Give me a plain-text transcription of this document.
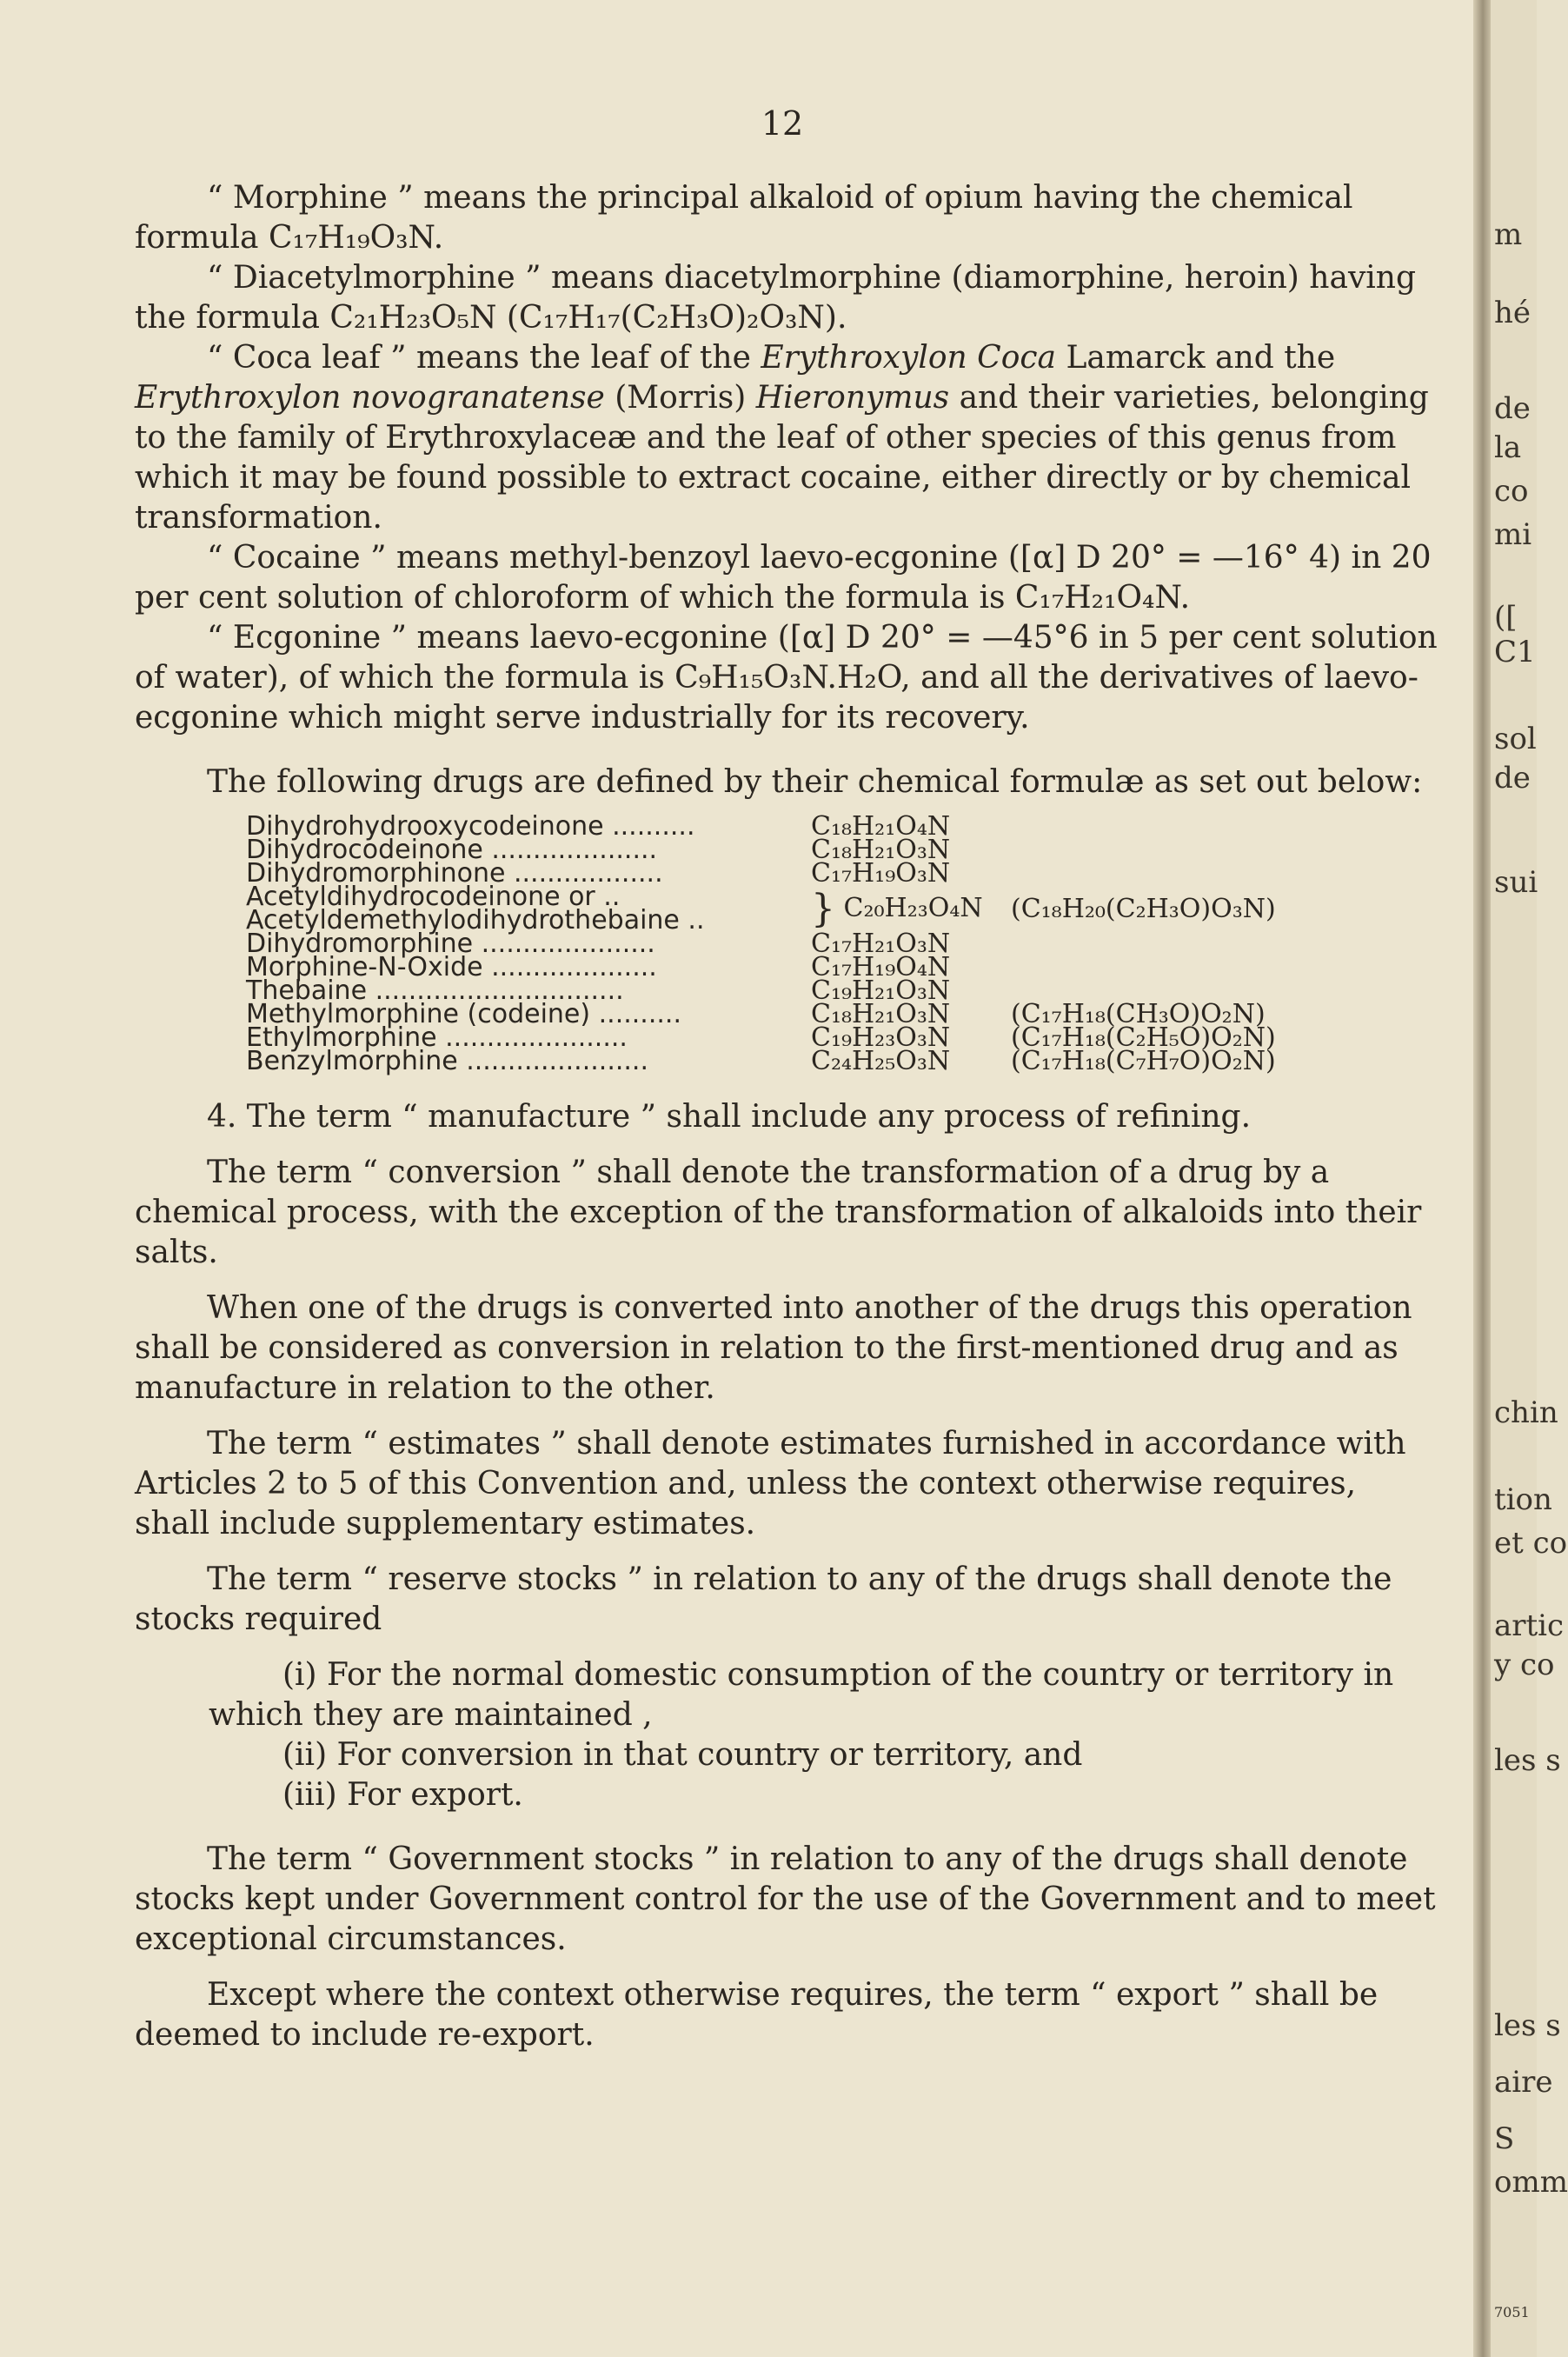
12

“ Morphine ” means the principal alkaloid of opium having the chemical formula C₁₇H₁₉O₃N.

“ Diacetylmorphine ” means diacetylmorphine (diamorphine, heroin) having the formula C₂₁H₂₃O₅N (C₁₇H₁₇(C₂H₃O)₂O₃N).

“ Coca leaf ” means the leaf of the Erythroxylon Coca Lamarck and the Erythroxylon novogranatense (Morris) Hieronymus and their varieties, belonging to the family of Erythroxylaceæ and the leaf of other species of this genus from which it may be found possible to extract cocaine, either directly or by chemical transformation.

“ Cocaine ” means methyl-benzoyl laevo-ecgonine ([α] D 20° = —16° 4) in 20 per cent solution of chloroform of which the formula is C₁₇H₂₁O₄N.

“ Ecgonine ” means laevo-ecgonine ([α] D 20° = —45°6 in 5 per cent solution of water), of which the formula is C₉H₁₅O₃N.H₂O, and all the derivatives of laevo-ecgonine which might serve industrially for its recovery.

The following drugs are defined by their chemical formulæ as set out below:

Dihydrohydrooxycodeinone ..........	C₁₈H₂₁O₄N	
Dihydrocodeinone ....................	C₁₈H₂₁O₃N	
Dihydromorphinone ..................	C₁₇H₁₉O₃N	

Acetyldihydrocodeinone or ..
Acetyldemethylodihydrothebaine ..	} C₂₀H₂₃O₄N	(C₁₈H₂₀(C₂H₃O)O₃N)
Dihydromorphine .....................	C₁₇H₂₁O₃N	
Morphine-N-Oxide ....................	C₁₇H₁₉O₄N	
Thebaine ..............................	C₁₉H₂₁O₃N	
Methylmorphine (codeine) ..........	C₁₈H₂₁O₃N	(C₁₇H₁₈(CH₃O)O₂N)
Ethylmorphine ......................	C₁₉H₂₃O₃N	(C₁₇H₁₈(C₂H₅O)O₂N)
Benzylmorphine ......................	C₂₄H₂₅O₃N	(C₁₇H₁₈(C₇H₇O)O₂N)

4. The term “ manufacture ” shall include any process of refining.

The term “ conversion ” shall denote the transformation of a drug by a chemical process, with the exception of the transformation of alkaloids into their salts.

When one of the drugs is converted into another of the drugs this operation shall be considered as conversion in relation to the first-mentioned drug and as manufacture in relation to the other.

The term “ estimates ” shall denote estimates furnished in accordance with Articles 2 to 5 of this Convention and, unless the context otherwise requires, shall include supplementary estimates.

The term “ reserve stocks ” in relation to any of the drugs shall denote the stocks required

(i) For the normal domestic consumption of the country or territory in which they are maintained ,

(ii) For conversion in that country or territory, and

(iii) For export.

The term “ Government stocks ” in relation to any of the drugs shall denote stocks kept under Government control for the use of the Government and to meet exceptional circumstances.

Except where the context otherwise requires, the term “ export ” shall be deemed to include re-export.

m
hé
de
la
co
mi
([
C1
sol
de
sui
chin
tion
et co
artic
y co
les s
les s
aire
S
omm
7051
